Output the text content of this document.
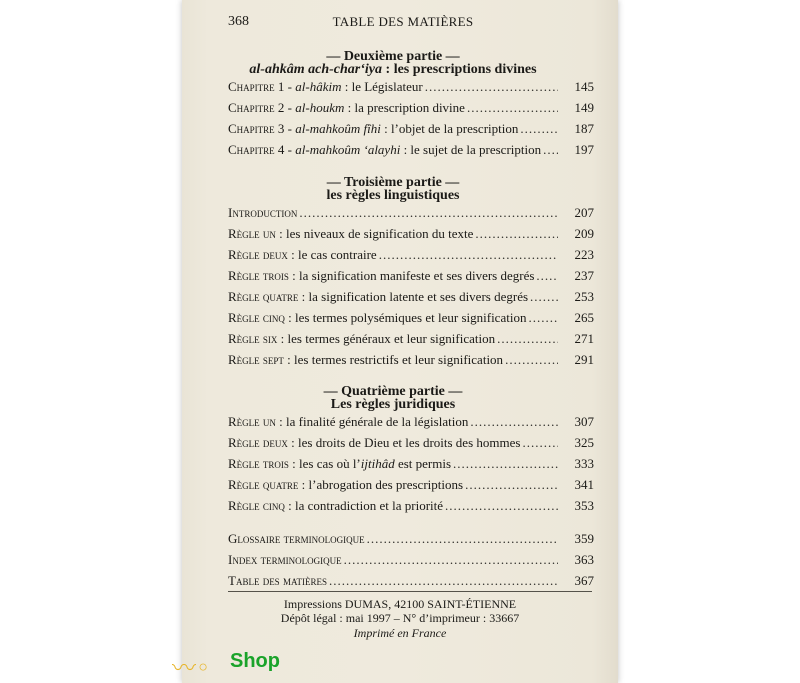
368	TABLE DES MATIÈRES
— Deuxième partie —
al-ahkâm ach-char‘iya : les prescriptions divines
Chapitre 1 - al-hâkim : le Législateur .....	145
Chapitre 2 - al-houkm : la prescription divine .....	149
Chapitre 3 - al-mahkoûm fîhi : l’objet de la prescription .....	187
Chapitre 4 - al-mahkoûm ‘alayhi : le sujet de la prescription .....	197
— Troisième partie —
les règles linguistiques
Introduction .....	207
Règle un : les niveaux de signification du texte .....	209
Règle deux : le cas contraire .....	223
Règle trois : la signification manifeste et ses divers degrés .....	237
Règle quatre : la signification latente et ses divers degrés .....	253
Règle cinq : les termes polysémiques et leur signification .....	265
Règle six : les termes généraux et leur signification .....	271
Règle sept : les termes restrictifs et leur signification .....	291
— Quatrième partie —
Les règles juridiques
Règle un : la finalité générale de la législation .....	307
Règle deux : les droits de Dieu et les droits des hommes .....	325
Règle trois : les cas où l’ijtihâd est permis .....	333
Règle quatre : l’abrogation des prescriptions .....	341
Règle cinq : la contradiction et la priorité .....	353
Glossaire terminologique .....	359
Index terminologique .....	363
Table des matières .....	367
Impressions DUMAS, 42100 SAINT-ÉTIENNE
Dépôt légal : mai 1997 – N° d’imprimeur : 33667
Imprimé en France
〰◦ Shop
